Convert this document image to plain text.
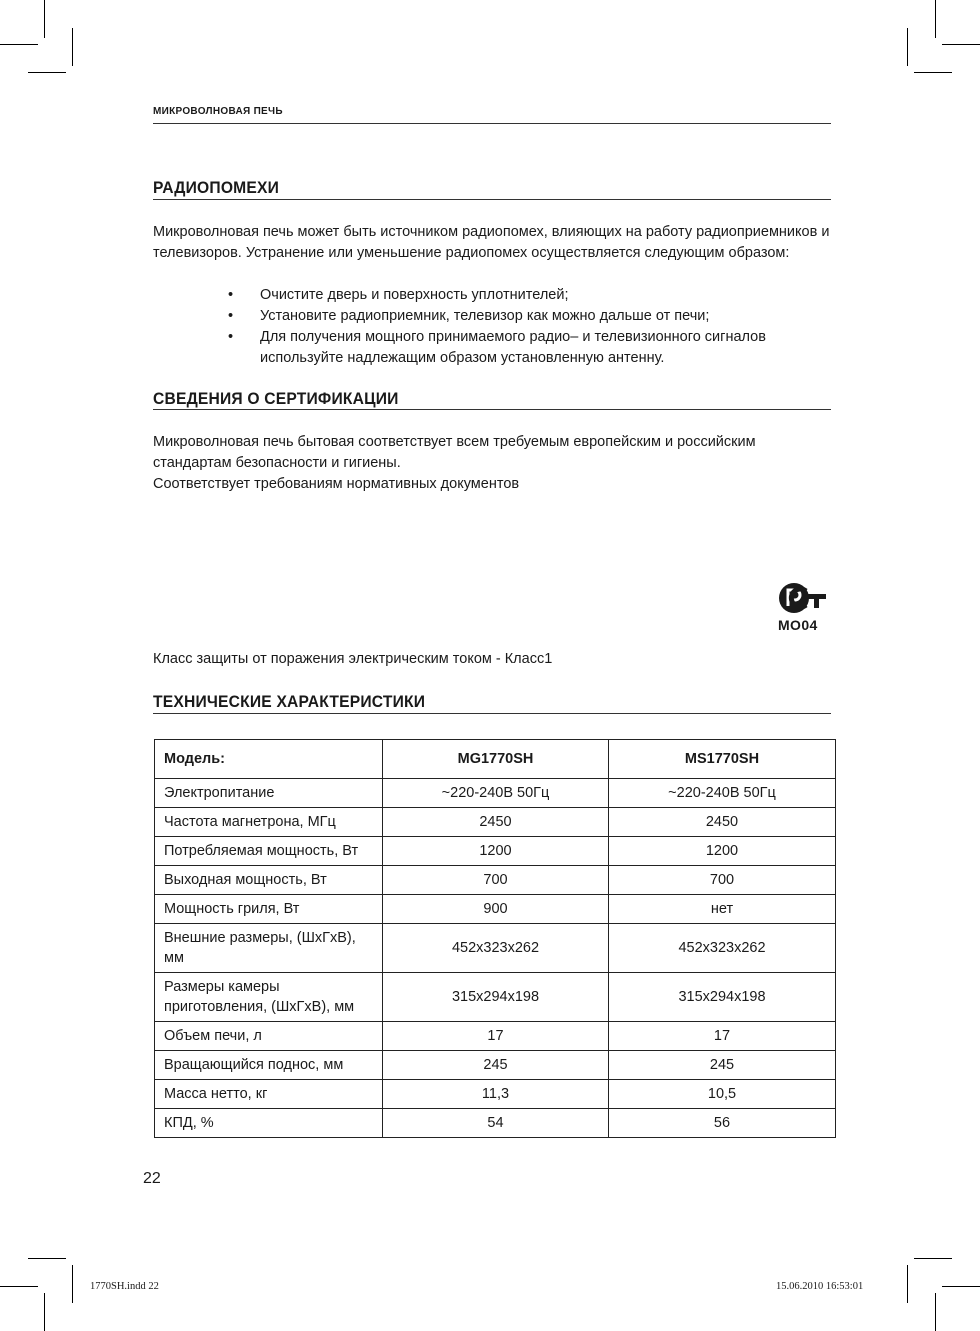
МИКРОВОЛНОВАЯ ПЕЧЬ
РАДИОПОМЕХИ

Микроволновая печь может быть источником радиопомех, влияющих на работу радиоприемников и телевизоров. Устранение или уменьшение радиопомех осуществляется следующим образом:

• Очистите дверь и поверхность уплотнителей;
• Установите радиоприемник, телевизор как можно дальше от печи;
• Для получения мощного принимаемого радио– и телевизионного сигналов используйте надлежащим образом установленную антенну.
СВЕДЕНИЯ О СЕРТИФИКАЦИИ

Микроволновая печь бытовая соответствует всем требуемым европейским и российским стандартам безопасности и гигиены.

Соответствует требованиям нормативных документов

МО04

Класс защиты от поражения электрическим током - Класс1

ТЕХНИЧЕСКИЕ ХАРАКТЕРИСТИКИ
Модель:	MG1770SH	MS1770SH
Электропитание	~220-240В 50Гц	~220-240В 50Гц
Частота магнетрона, МГц	2450	2450
Потребляемая мощность, Вт	1200	1200
Выходная мощность, Вт	700	700
Мощность гриля, Вт	900	нет
Внешние размеры, (ШхГхВ), мм	452х323х262	452х323х262
Размеры камеры приготовления, (ШхГхВ), мм	315х294х198	315х294х198
Объем печи, л	17	17
Вращающийся поднос, мм	245	245
Масса нетто, кг	11,3	10,5
КПД, %	54	56
22
1770SH.indd 22	15.06.2010 16:53:01
